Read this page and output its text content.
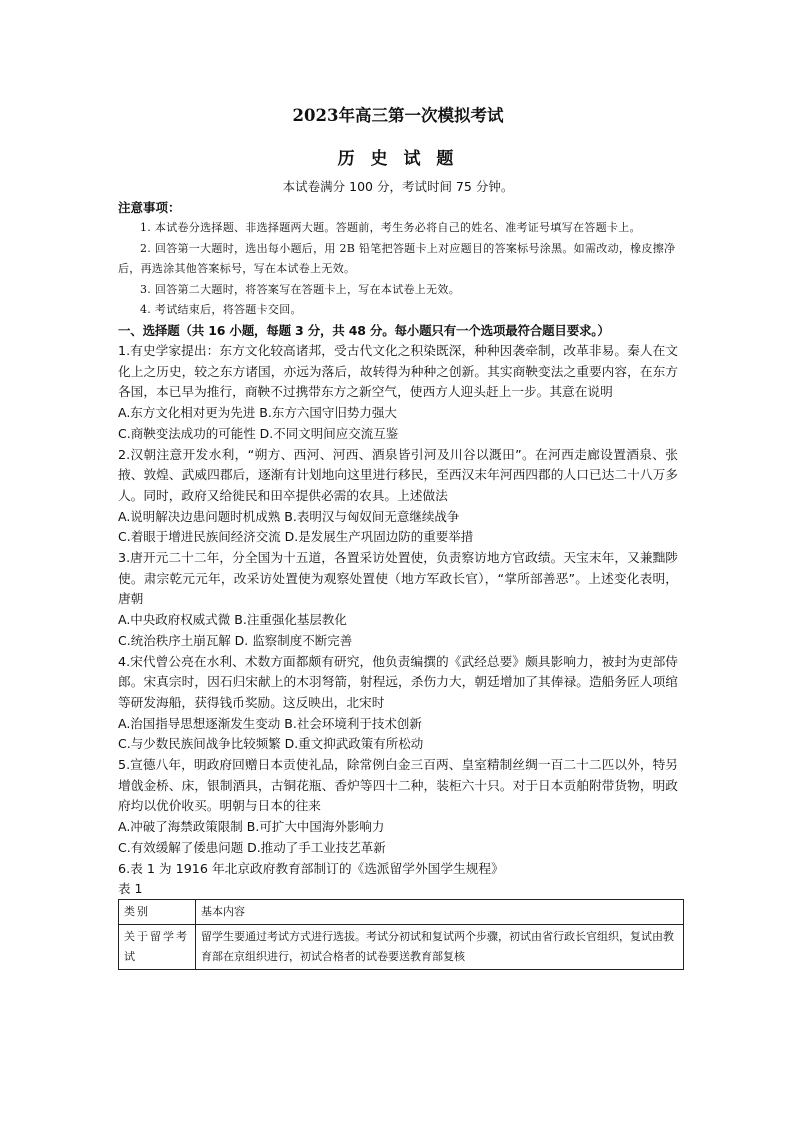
2023年高三第一次模拟考试
历 史 试 题
本试卷满分 100 分，考试时间 75 分钟。
注意事项：
1. 本试卷分选择题、非选择题两大题。答题前，考生务必将自己的姓名、准考证号填写在答题卡上。
2. 回答第一大题时，选出每小题后，用 2B 铅笔把答题卡上对应题目的答案标号涂黑。如需改动，橡皮擦净后，再选涂其他答案标号，写在本试卷上无效。
3. 回答第二大题时，将答案写在答题卡上，写在本试卷上无效。
4. 考试结束后，将答题卡交回。
一、选择题（共 16 小题，每题 3 分，共 48 分。每小题只有一个选项最符合题目要求。）
1.有史学家提出：东方文化较高诸邦，受古代文化之积染既深，种种因袭牵制，改革非易。秦人在文化上之历史，较之东方诸国，亦远为落后，故转得为种种之创新。其实商鞅变法之重要内容，在东方各国，本已早为推行，商鞅不过携带东方之新空气，使西方人迎头赶上一步。其意在说明
A.东方文化相对更为先进 B.东方六国守旧势力强大
C.商鞅变法成功的可能性 D.不同文明间应交流互鉴
2.汉朝注意开发水利，“朔方、西河、河西、酒泉皆引河及川谷以溉田”。在河西走廊设置酒泉、张掖、敦煌、武威四郡后，逐渐有计划地向这里进行移民，至西汉末年河西四郡的人口已达二十八万多人。同时，政府又给徙民和田卒提供必需的农具。上述做法
A.说明解决边患问题时机成熟 B.表明汉与匈奴间无意继续战争
C.着眼于增进民族间经济交流 D.是发展生产巩固边防的重要举措
3.唐开元二十二年，分全国为十五道，各置采访处置使，负责察访地方官政绩。天宝末年，又兼黜陟使。肃宗乾元元年，改采访处置使为观察处置使（地方军政长官），“掌所部善恶”。上述变化表明，唐朝
A.中央政府权威式微 B.注重强化基层教化
C.统治秩序土崩瓦解 D. 监察制度不断完善
4.宋代曾公亮在水利、术数方面都颇有研究，他负责编撰的《武经总要》颇具影响力，被封为吏部侍郎。宋真宗时，因石归宋献上的木羽弩箭，射程远，杀伤力大，朝廷增加了其俸禄。造船务匠人项绾等研发海船，获得钱币奖励。这反映出，北宋时
A.治国指导思想逐渐发生变动 B.社会环境利于技术创新
C.与少数民族间战争比较频繁 D.重文抑武政策有所松动
5.宣德八年，明政府回赠日本贡使礼品，除常例白金三百两、皇室精制丝绸一百二十二匹以外，特另增戗金桥、床，银制酒具，古铜花瓶、香炉等四十二种，装柜六十只。对于日本贡舶附带货物，明政府均以优价收买。明朝与日本的往来
A.冲破了海禁政策限制 B.可扩大中国海外影响力
C.有效缓解了倭患问题 D.推动了手工业技艺革新
6.表 1 为 1916 年北京政府教育部制订的《选派留学外国学生规程》
表 1
类别	基本内容
关于留学考试	留学生要通过考试方式进行选拔。考试分初试和复试两个步骤，初试由省行政长官组织，复试由教育部在京组织进行，初试合格者的试卷要送教育部复核
